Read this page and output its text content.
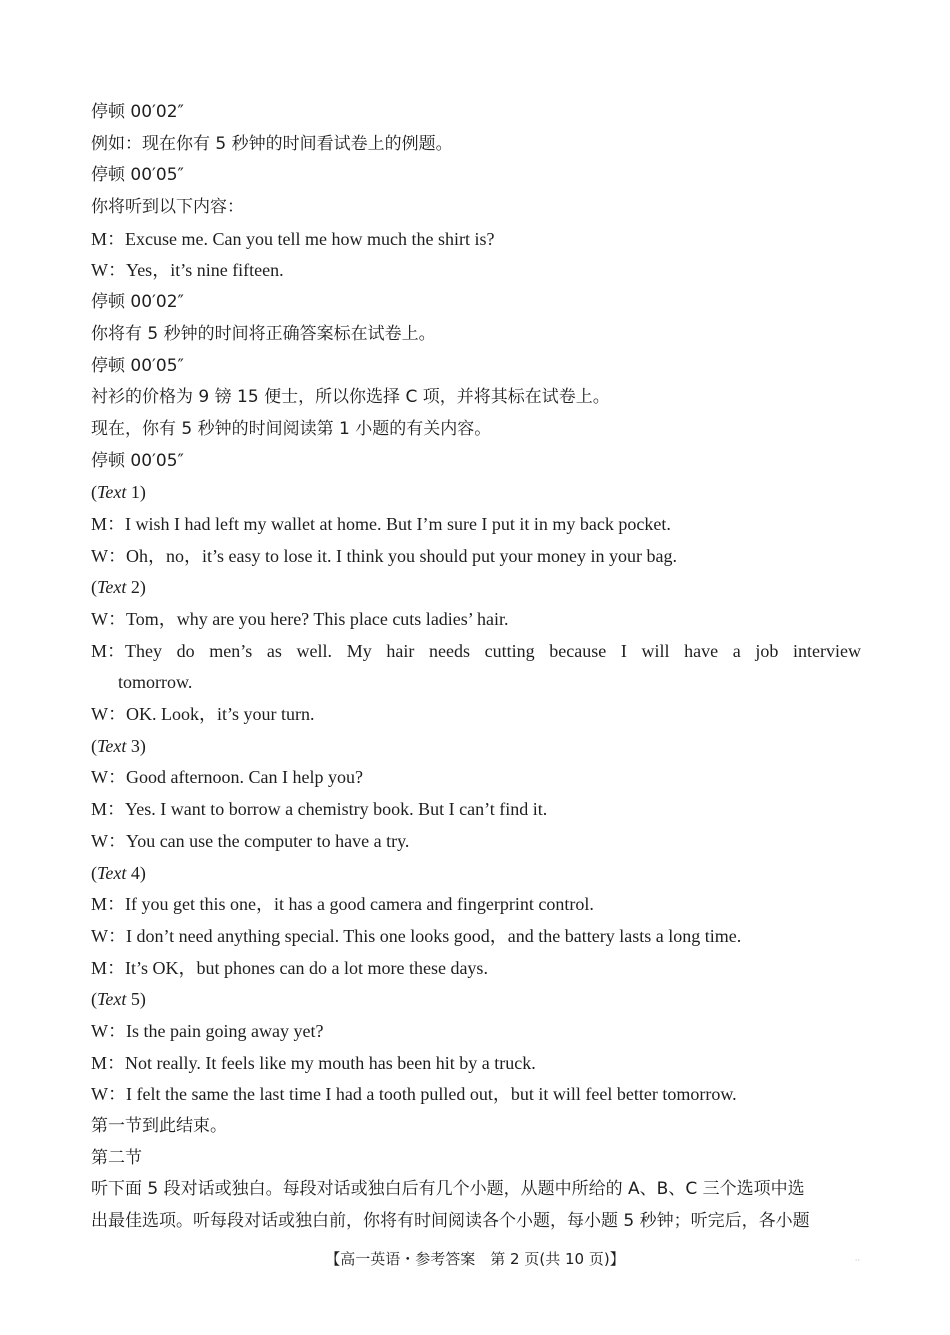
停顿 00′02″
例如：现在你有 5 秒钟的时间看试卷上的例题。
停顿 00′05″
你将听到以下内容：
M：Excuse me. Can you tell me how much the shirt is?
W：Yes，it’s nine fifteen.
停顿 00′02″
你将有 5 秒钟的时间将正确答案标在试卷上。
停顿 00′05″
衬衫的价格为 9 镑 15 便士，所以你选择 C 项，并将其标在试卷上。
现在，你有 5 秒钟的时间阅读第 1 小题的有关内容。
停顿 00′05″
(Text 1)
M：I wish I had left my wallet at home. But I’m sure I put it in my back pocket.
W：Oh，no，it’s easy to lose it. I think you should put your money in your bag.
(Text 2)
W：Tom，why are you here? This place cuts ladies’ hair.
M：They do men’s as well. My hair needs cutting because I will have a job interview
tomorrow.
W：OK. Look，it’s your turn.
(Text 3)
W：Good afternoon. Can I help you?
M：Yes. I want to borrow a chemistry book. But I can’t find it.
W：You can use the computer to have a try.
(Text 4)
M：If you get this one，it has a good camera and fingerprint control.
W：I don’t need anything special. This one looks good，and the battery lasts a long time.
M：It’s OK，but phones can do a lot more these days.
(Text 5)
W：Is the pain going away yet?
M：Not really. It feels like my mouth has been hit by a truck.
W：I felt the same the last time I had a tooth pulled out，but it will feel better tomorrow.
第一节到此结束。
第二节
听下面 5 段对话或独白。每段对话或独白后有几个小题，从题中所给的 A、B、C 三个选项中选
出最佳选项。听每段对话或独白前，你将有时间阅读各个小题，每小题 5 秒钟；听完后，各小题
【高一英语・参考答案　第 2 页(共 10 页)】	··
